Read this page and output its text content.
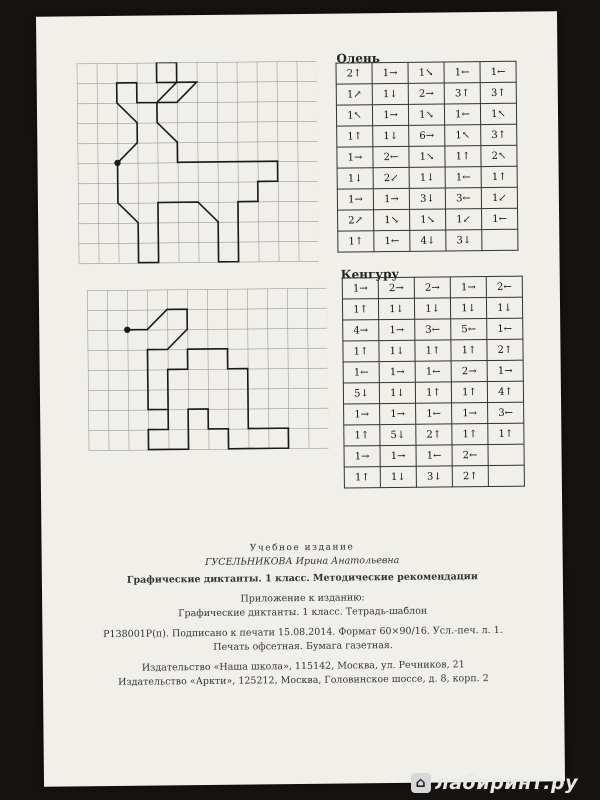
Олень
2↑	1→	1↘	1←	1←
1↗	1↓	2→	3↑	3↑
1↖	1→	1↘	1←	1↖
1↑	1↓	6→	1↖	3↑
1→	2←	1↘	1↑	2↖
1↓	2↙	1↓	1←	1↑
1→	1→	3↓	3←	1↙
2↗	1↘	1↘	1↙	1←
1↑	1←	4↓	3↓	
Кенгуру
1→	2→	2→	1→	2←
1↑	1↓	1↓	1↓	1↓
4→	1→	3←	5←	1←
1↑	1↓	1↑	1↑	2↑
1←	1→	1←	2→	1→
5↓	1↓	1↑	1↑	4↑
1→	1→	1←	1→	3←
1↑	5↓	2↑	1↑	1↑
1→	1→	1←	2←	
1↑	1↓	3↓	2↑	
Учебное издание
ГУСЕЛЬНИКОВА Ирина Анатольевна
Графические диктанты. 1 класс. Методические рекомендации
Приложение к изданию:
Графические диктанты. 1 класс. Тетрадь-шаблон
Р138001Р(п). Подписано к печати 15.08.2014. Формат 60×90/16. Усл.-печ. л. 1.
Печать офсетная. Бумага газетная.
Издательство «Наша школа», 115142, Москва, ул. Речников, 21
Издательство «Аркти», 125212, Москва, Головинское шоссе, д. 8, корп. 2
⌂ лабиринт.ру
